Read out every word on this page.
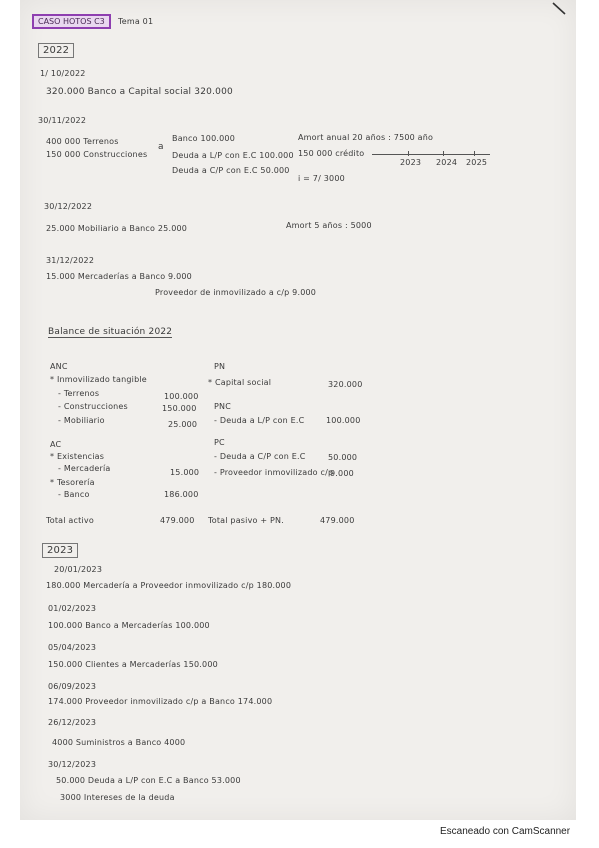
CASO HOTOS C3	Tema 01
2022
1/ 10/2022
320.000 Banco a Capital social 320.000
30/11/2022
400 000 Terrenos
150 000 Construcciones
a
Banco 100.000
Deuda a L/P con E.C 100.000
Deuda a C/P con E.C 50.000
Amort anual 20 años : 7500 año
150 000 crédito
i = 7/ 3000
2023 2024 2025
30/12/2022
25.000 Mobiliario a Banco 25.000	Amort 5 años : 5000
31/12/2022
15.000 Mercaderías a Banco 9.000
Proveedor de inmovilizado a c/p 9.000
Balance de situación 2022
ANC
* Inmovilizado tangible
- Terrenos	100.000
- Construcciones	150.000
- Mobiliario	25.000
AC
* Existencias
- Mercadería	15.000
* Tesorería
- Banco	186.000
Total activo	479.000
PN
* Capital social	320.000
PNC
- Deuda a L/P con E.C	100.000
PC
- Deuda a C/P con E.C	50.000
- Proveedor inmovilizado c/p
9.000
Total pasivo + PN.	479.000
2023
20/01/2023
180.000 Mercadería a Proveedor inmovilizado c/p 180.000
01/02/2023
100.000 Banco a Mercaderías 100.000
05/04/2023
150.000 Clientes a Mercaderías 150.000
06/09/2023
174.000 Proveedor inmovilizado c/p a Banco 174.000
26/12/2023
4000 Suministros a Banco 4000
30/12/2023
50.000 Deuda a L/P con E.C a Banco 53.000
3000 Intereses de la deuda
Escaneado con CamScanner
